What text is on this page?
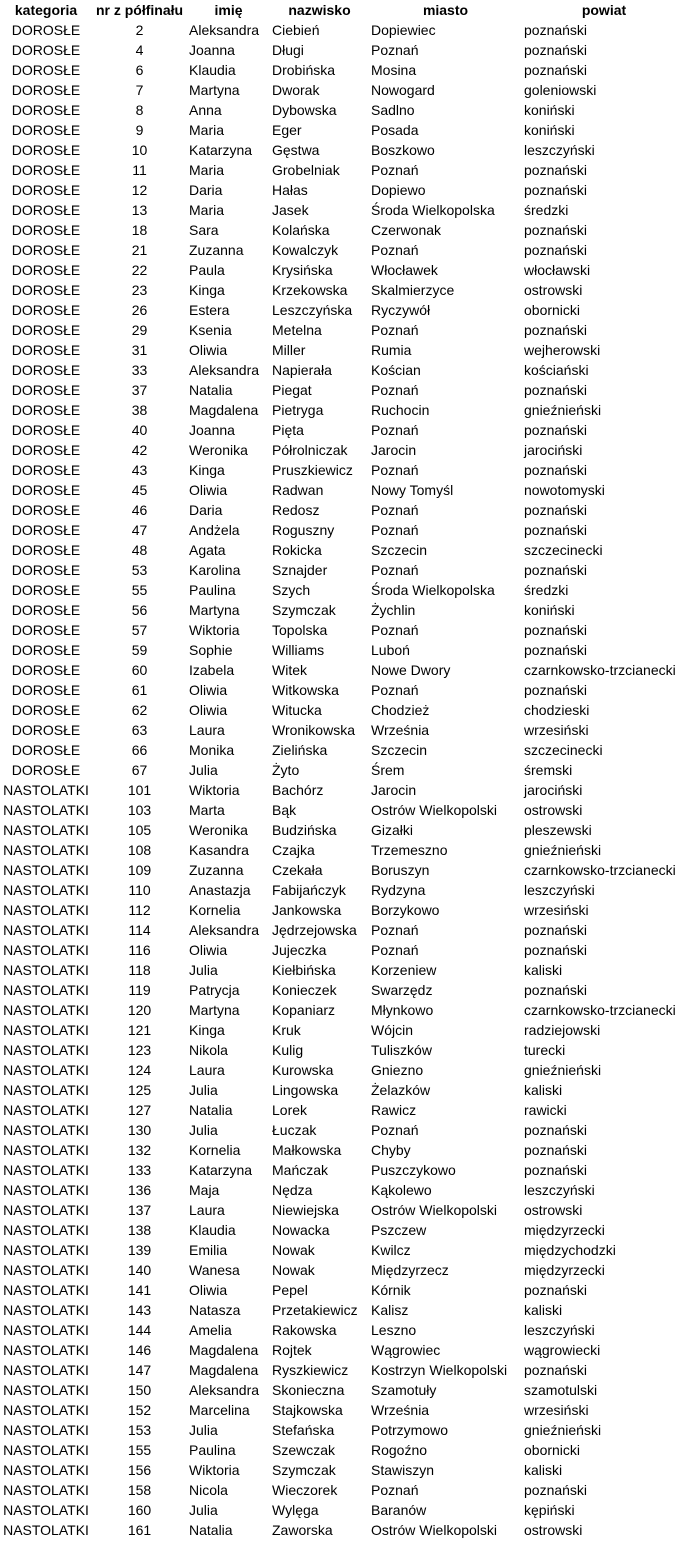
kategoria	nr z półfinału	imię	nazwisko	miasto	powiat
DOROSŁE	2	Aleksandra	Ciebień	Dopiewiec	poznański
DOROSŁE	4	Joanna	Długi	Poznań	poznański
DOROSŁE	6	Klaudia	Drobińska	Mosina	poznański
DOROSŁE	7	Martyna	Dworak	Nowogard	goleniowski
DOROSŁE	8	Anna	Dybowska	Sadlno	koniński
DOROSŁE	9	Maria	Eger	Posada	koniński
DOROSŁE	10	Katarzyna	Gęstwa	Boszkowo	leszczyński
DOROSŁE	11	Maria	Grobelniak	Poznań	poznański
DOROSŁE	12	Daria	Hałas	Dopiewo	poznański
DOROSŁE	13	Maria	Jasek	Środa Wielkopolska	średzki
DOROSŁE	18	Sara	Kolańska	Czerwonak	poznański
DOROSŁE	21	Zuzanna	Kowalczyk	Poznań	poznański
DOROSŁE	22	Paula	Krysińska	Włocławek	włocławski
DOROSŁE	23	Kinga	Krzekowska	Skalmierzyce	ostrowski
DOROSŁE	26	Estera	Leszczyńska	Ryczywół	obornicki
DOROSŁE	29	Ksenia	Metelna	Poznań	poznański
DOROSŁE	31	Oliwia	Miller	Rumia	wejherowski
DOROSŁE	33	Aleksandra	Napierała	Kościan	kościański
DOROSŁE	37	Natalia	Piegat	Poznań	poznański
DOROSŁE	38	Magdalena	Pietryga	Ruchocin	gnieźnieński
DOROSŁE	40	Joanna	Pięta	Poznań	poznański
DOROSŁE	42	Weronika	Półrolniczak	Jarocin	jarociński
DOROSŁE	43	Kinga	Pruszkiewicz	Poznań	poznański
DOROSŁE	45	Oliwia	Radwan	Nowy Tomyśl	nowotomyski
DOROSŁE	46	Daria	Redosz	Poznań	poznański
DOROSŁE	47	Andżela	Roguszny	Poznań	poznański
DOROSŁE	48	Agata	Rokicka	Szczecin	szczecinecki
DOROSŁE	53	Karolina	Sznajder	Poznań	poznański
DOROSŁE	55	Paulina	Szych	Środa Wielkopolska	średzki
DOROSŁE	56	Martyna	Szymczak	Żychlin	koniński
DOROSŁE	57	Wiktoria	Topolska	Poznań	poznański
DOROSŁE	59	Sophie	Williams	Luboń	poznański
DOROSŁE	60	Izabela	Witek	Nowe Dwory	czarnkowsko-trzcianecki
DOROSŁE	61	Oliwia	Witkowska	Poznań	poznański
DOROSŁE	62	Oliwia	Witucka	Chodzież	chodzieski
DOROSŁE	63	Laura	Wronikowska	Września	wrzesiński
DOROSŁE	66	Monika	Zielińska	Szczecin	szczecinecki
DOROSŁE	67	Julia	Żyto	Śrem	śremski
NASTOLATKI	101	Wiktoria	Bachórz	Jarocin	jarociński
NASTOLATKI	103	Marta	Bąk	Ostrów Wielkopolski	ostrowski
NASTOLATKI	105	Weronika	Budzińska	Gizałki	pleszewski
NASTOLATKI	108	Kasandra	Czajka	Trzemeszno	gnieźnieński
NASTOLATKI	109	Zuzanna	Czekała	Boruszyn	czarnkowsko-trzcianecki
NASTOLATKI	110	Anastazja	Fabijańczyk	Rydzyna	leszczyński
NASTOLATKI	112	Kornelia	Jankowska	Borzykowo	wrzesiński
NASTOLATKI	114	Aleksandra	Jędrzejowska	Poznań	poznański
NASTOLATKI	116	Oliwia	Jujeczka	Poznań	poznański
NASTOLATKI	118	Julia	Kiełbińska	Korzeniew	kaliski
NASTOLATKI	119	Patrycja	Konieczek	Swarzędz	poznański
NASTOLATKI	120	Martyna	Kopaniarz	Młynkowo	czarnkowsko-trzcianecki
NASTOLATKI	121	Kinga	Kruk	Wójcin	radziejowski
NASTOLATKI	123	Nikola	Kulig	Tuliszków	turecki
NASTOLATKI	124	Laura	Kurowska	Gniezno	gnieźnieński
NASTOLATKI	125	Julia	Lingowska	Żelazków	kaliski
NASTOLATKI	127	Natalia	Lorek	Rawicz	rawicki
NASTOLATKI	130	Julia	Łuczak	Poznań	poznański
NASTOLATKI	132	Kornelia	Małkowska	Chyby	poznański
NASTOLATKI	133	Katarzyna	Mańczak	Puszczykowo	poznański
NASTOLATKI	136	Maja	Nędza	Kąkolewo	leszczyński
NASTOLATKI	137	Laura	Niewiejska	Ostrów Wielkopolski	ostrowski
NASTOLATKI	138	Klaudia	Nowacka	Pszczew	międzyrzecki
NASTOLATKI	139	Emilia	Nowak	Kwilcz	międzychodzki
NASTOLATKI	140	Wanesa	Nowak	Międzyrzecz	międzyrzecki
NASTOLATKI	141	Oliwia	Pepel	Kórnik	poznański
NASTOLATKI	143	Natasza	Przetakiewicz	Kalisz	kaliski
NASTOLATKI	144	Amelia	Rakowska	Leszno	leszczyński
NASTOLATKI	146	Magdalena	Rojtek	Wągrowiec	wągrowiecki
NASTOLATKI	147	Magdalena	Ryszkiewicz	Kostrzyn Wielkopolski	poznański
NASTOLATKI	150	Aleksandra	Skonieczna	Szamotuły	szamotulski
NASTOLATKI	152	Marcelina	Stajkowska	Września	wrzesiński
NASTOLATKI	153	Julia	Stefańska	Potrzymowo	gnieźnieński
NASTOLATKI	155	Paulina	Szewczak	Rogoźno	obornicki
NASTOLATKI	156	Wiktoria	Szymczak	Stawiszyn	kaliski
NASTOLATKI	158	Nicola	Wieczorek	Poznań	poznański
NASTOLATKI	160	Julia	Wylęga	Baranów	kępiński
NASTOLATKI	161	Natalia	Zaworska	Ostrów Wielkopolski	ostrowski
